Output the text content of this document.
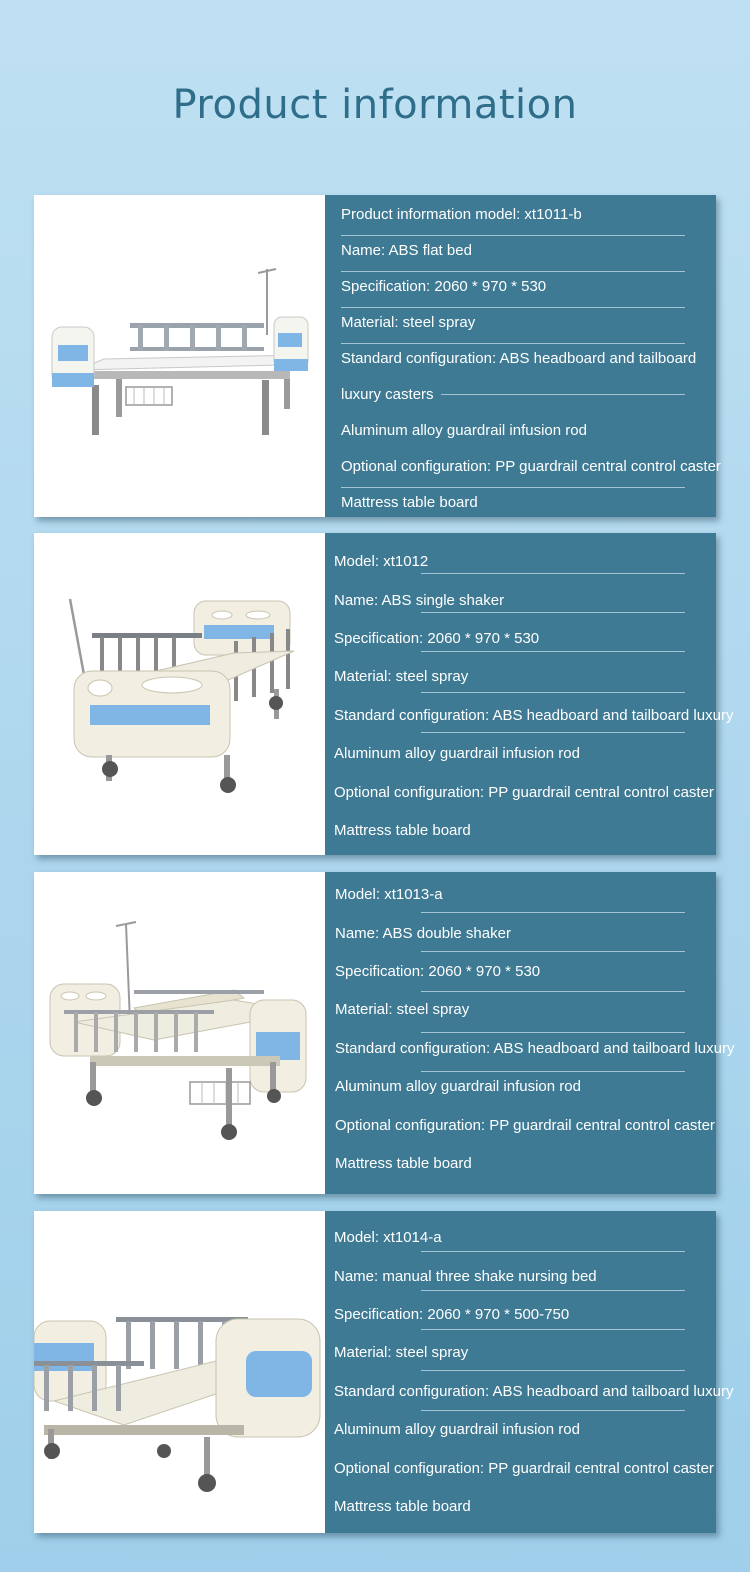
Product information
Product information model: xt1011-b
Name: ABS flat bed
Specification: 2060 * 970 * 530
Material: steel spray
Standard configuration: ABS headboard and tailboard
luxury casters
Aluminum alloy guardrail infusion rod
Optional configuration: PP guardrail central control caster
Mattress table board
Model: xt1012
Name: ABS single shaker
Specification: 2060 * 970 * 530
Material: steel spray
Standard configuration: ABS headboard and tailboard luxury
Aluminum alloy guardrail infusion rod
Optional configuration: PP guardrail central control caster
Mattress table board
Model: xt1013-a
Name: ABS double shaker
Specification: 2060 * 970 * 530
Material: steel spray
Standard configuration: ABS headboard and tailboard luxury
Aluminum alloy guardrail infusion rod
Optional configuration: PP guardrail central control caster
Mattress table board
Model: xt1014-a
Name: manual three shake nursing bed
Specification: 2060 * 970 * 500-750
Material: steel spray
Standard configuration: ABS headboard and tailboard luxury
Aluminum alloy guardrail infusion rod
Optional configuration: PP guardrail central control caster
Mattress table board
